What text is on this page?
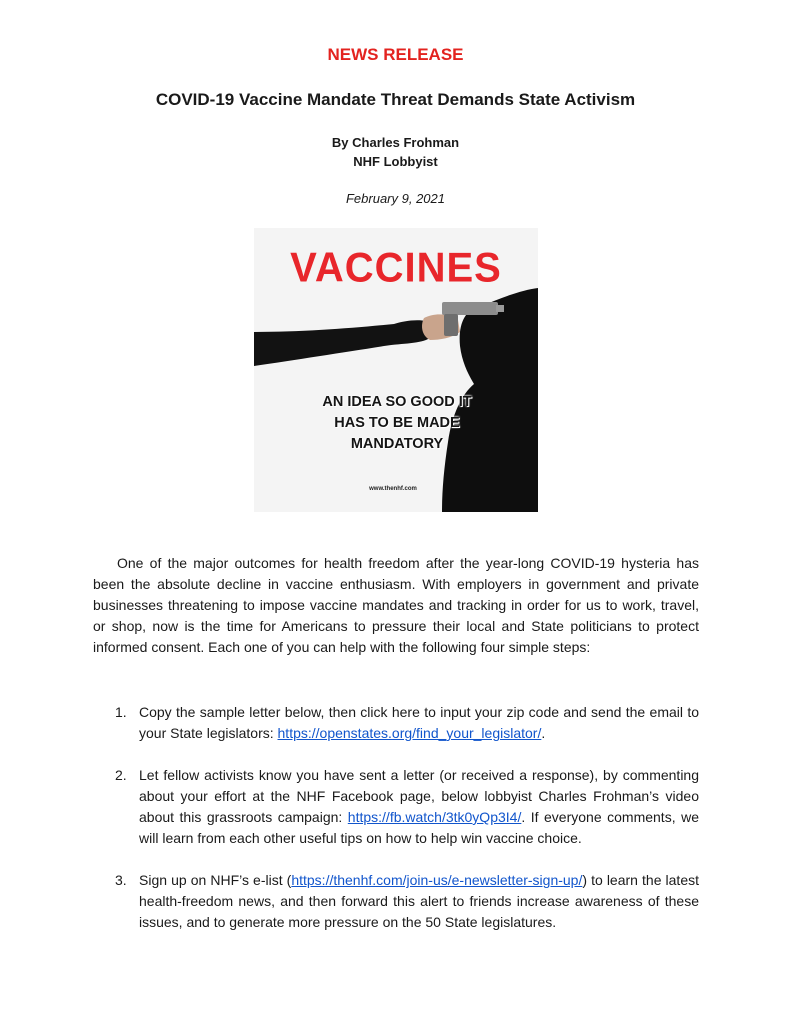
NEWS RELEASE
COVID-19 Vaccine Mandate Threat Demands State Activism
By Charles Frohman
NHF Lobbyist
February 9, 2021
VACCINES
AN IDEA SO GOOD IT
HAS TO BE MADE
MANDATORY
www.thenhf.com
One of the major outcomes for health freedom after the year-long COVID-19 hysteria has been the absolute decline in vaccine enthusiasm. With employers in government and private businesses threatening to impose vaccine mandates and tracking in order for us to work, travel, or shop, now is the time for Americans to pressure their local and State politicians to protect informed consent. Each one of you can help with the following four simple steps:
1. Copy the sample letter below, then click here to input your zip code and send the email to your State legislators: https://openstates.org/find_your_legislator/.
2. Let fellow activists know you have sent a letter (or received a response), by commenting about your effort at the NHF Facebook page, below lobbyist Charles Frohman’s video about this grassroots campaign: https://fb.watch/3tk0yQp3I4/. If everyone comments, we will learn from each other useful tips on how to help win vaccine choice.
3. Sign up on NHF’s e-list (https://thenhf.com/join-us/e-newsletter-sign-up/) to learn the latest health-freedom news, and then forward this alert to friends increase awareness of these issues, and to generate more pressure on the 50 State legislatures.
